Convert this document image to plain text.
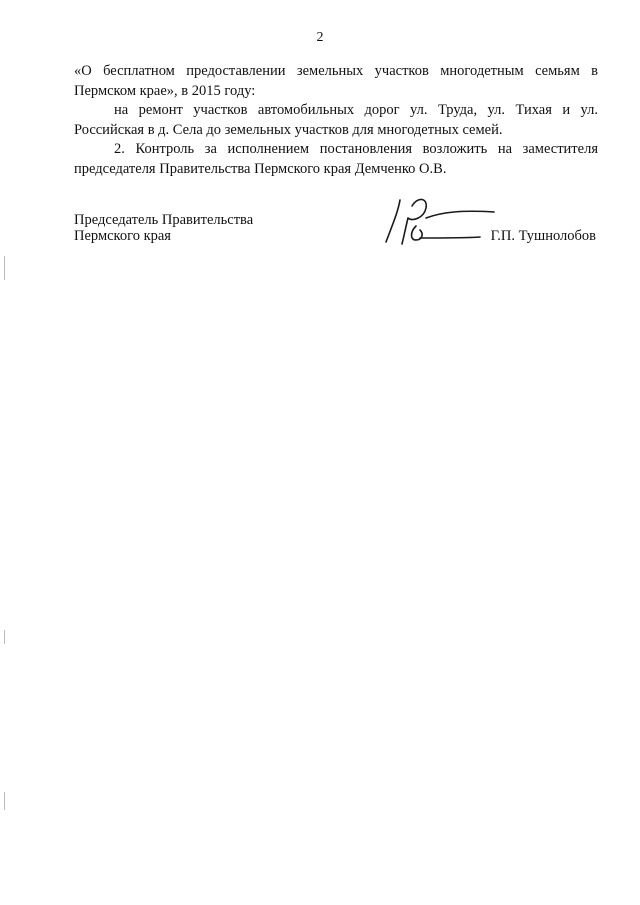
2

«О бесплатном предоставлении земельных участков многодетным семьям в Пермском крае», в 2015 году:

на ремонт участков автомобильных дорог ул. Труда, ул. Тихая и ул. Российская в д. Села до земельных участков для многодетных семей.

2. Контроль за исполнением постановления возложить на заместителя председателя Правительства Пермского края Демченко О.В.

Председатель Правительства
Пермского края	Г.П. Тушнолобов
